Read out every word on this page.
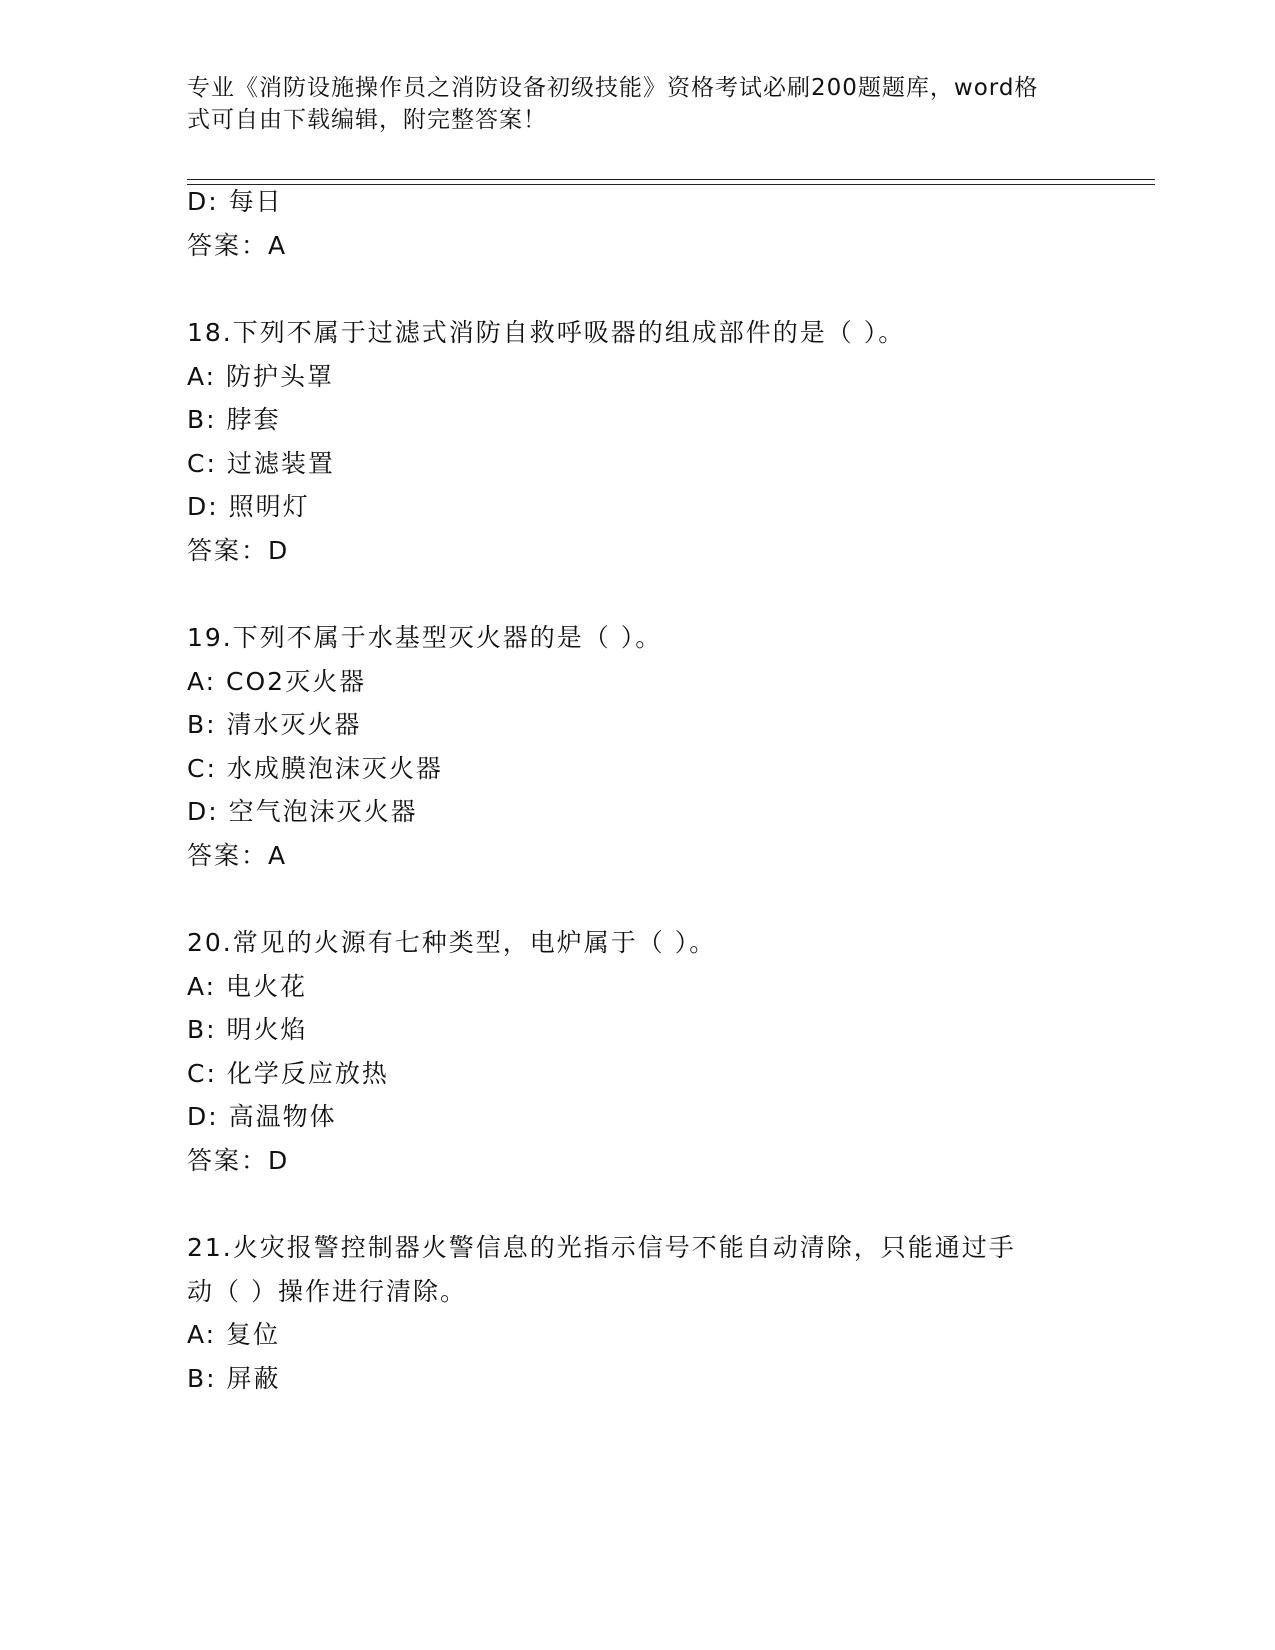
专业《消防设施操作员之消防设备初级技能》资格考试必刷200题题库，word格
式可自由下载编辑，附完整答案！
D: 每日
答案：A
18.下列不属于过滤式消防自救呼吸器的组成部件的是（ ）。
A: 防护头罩
B: 脖套
C: 过滤装置
D: 照明灯
答案：D
19.下列不属于水基型灭火器的是（ ）。
A: CO2灭火器
B: 清水灭火器
C: 水成膜泡沫灭火器
D: 空气泡沫灭火器
答案：A
20.常见的火源有七种类型，电炉属于（ ）。
A: 电火花
B: 明火焰
C: 化学反应放热
D: 高温物体
答案：D
21.火灾报警控制器火警信息的光指示信号不能自动清除，只能通过手
动（ ）操作进行清除。
A: 复位
B: 屏蔽
